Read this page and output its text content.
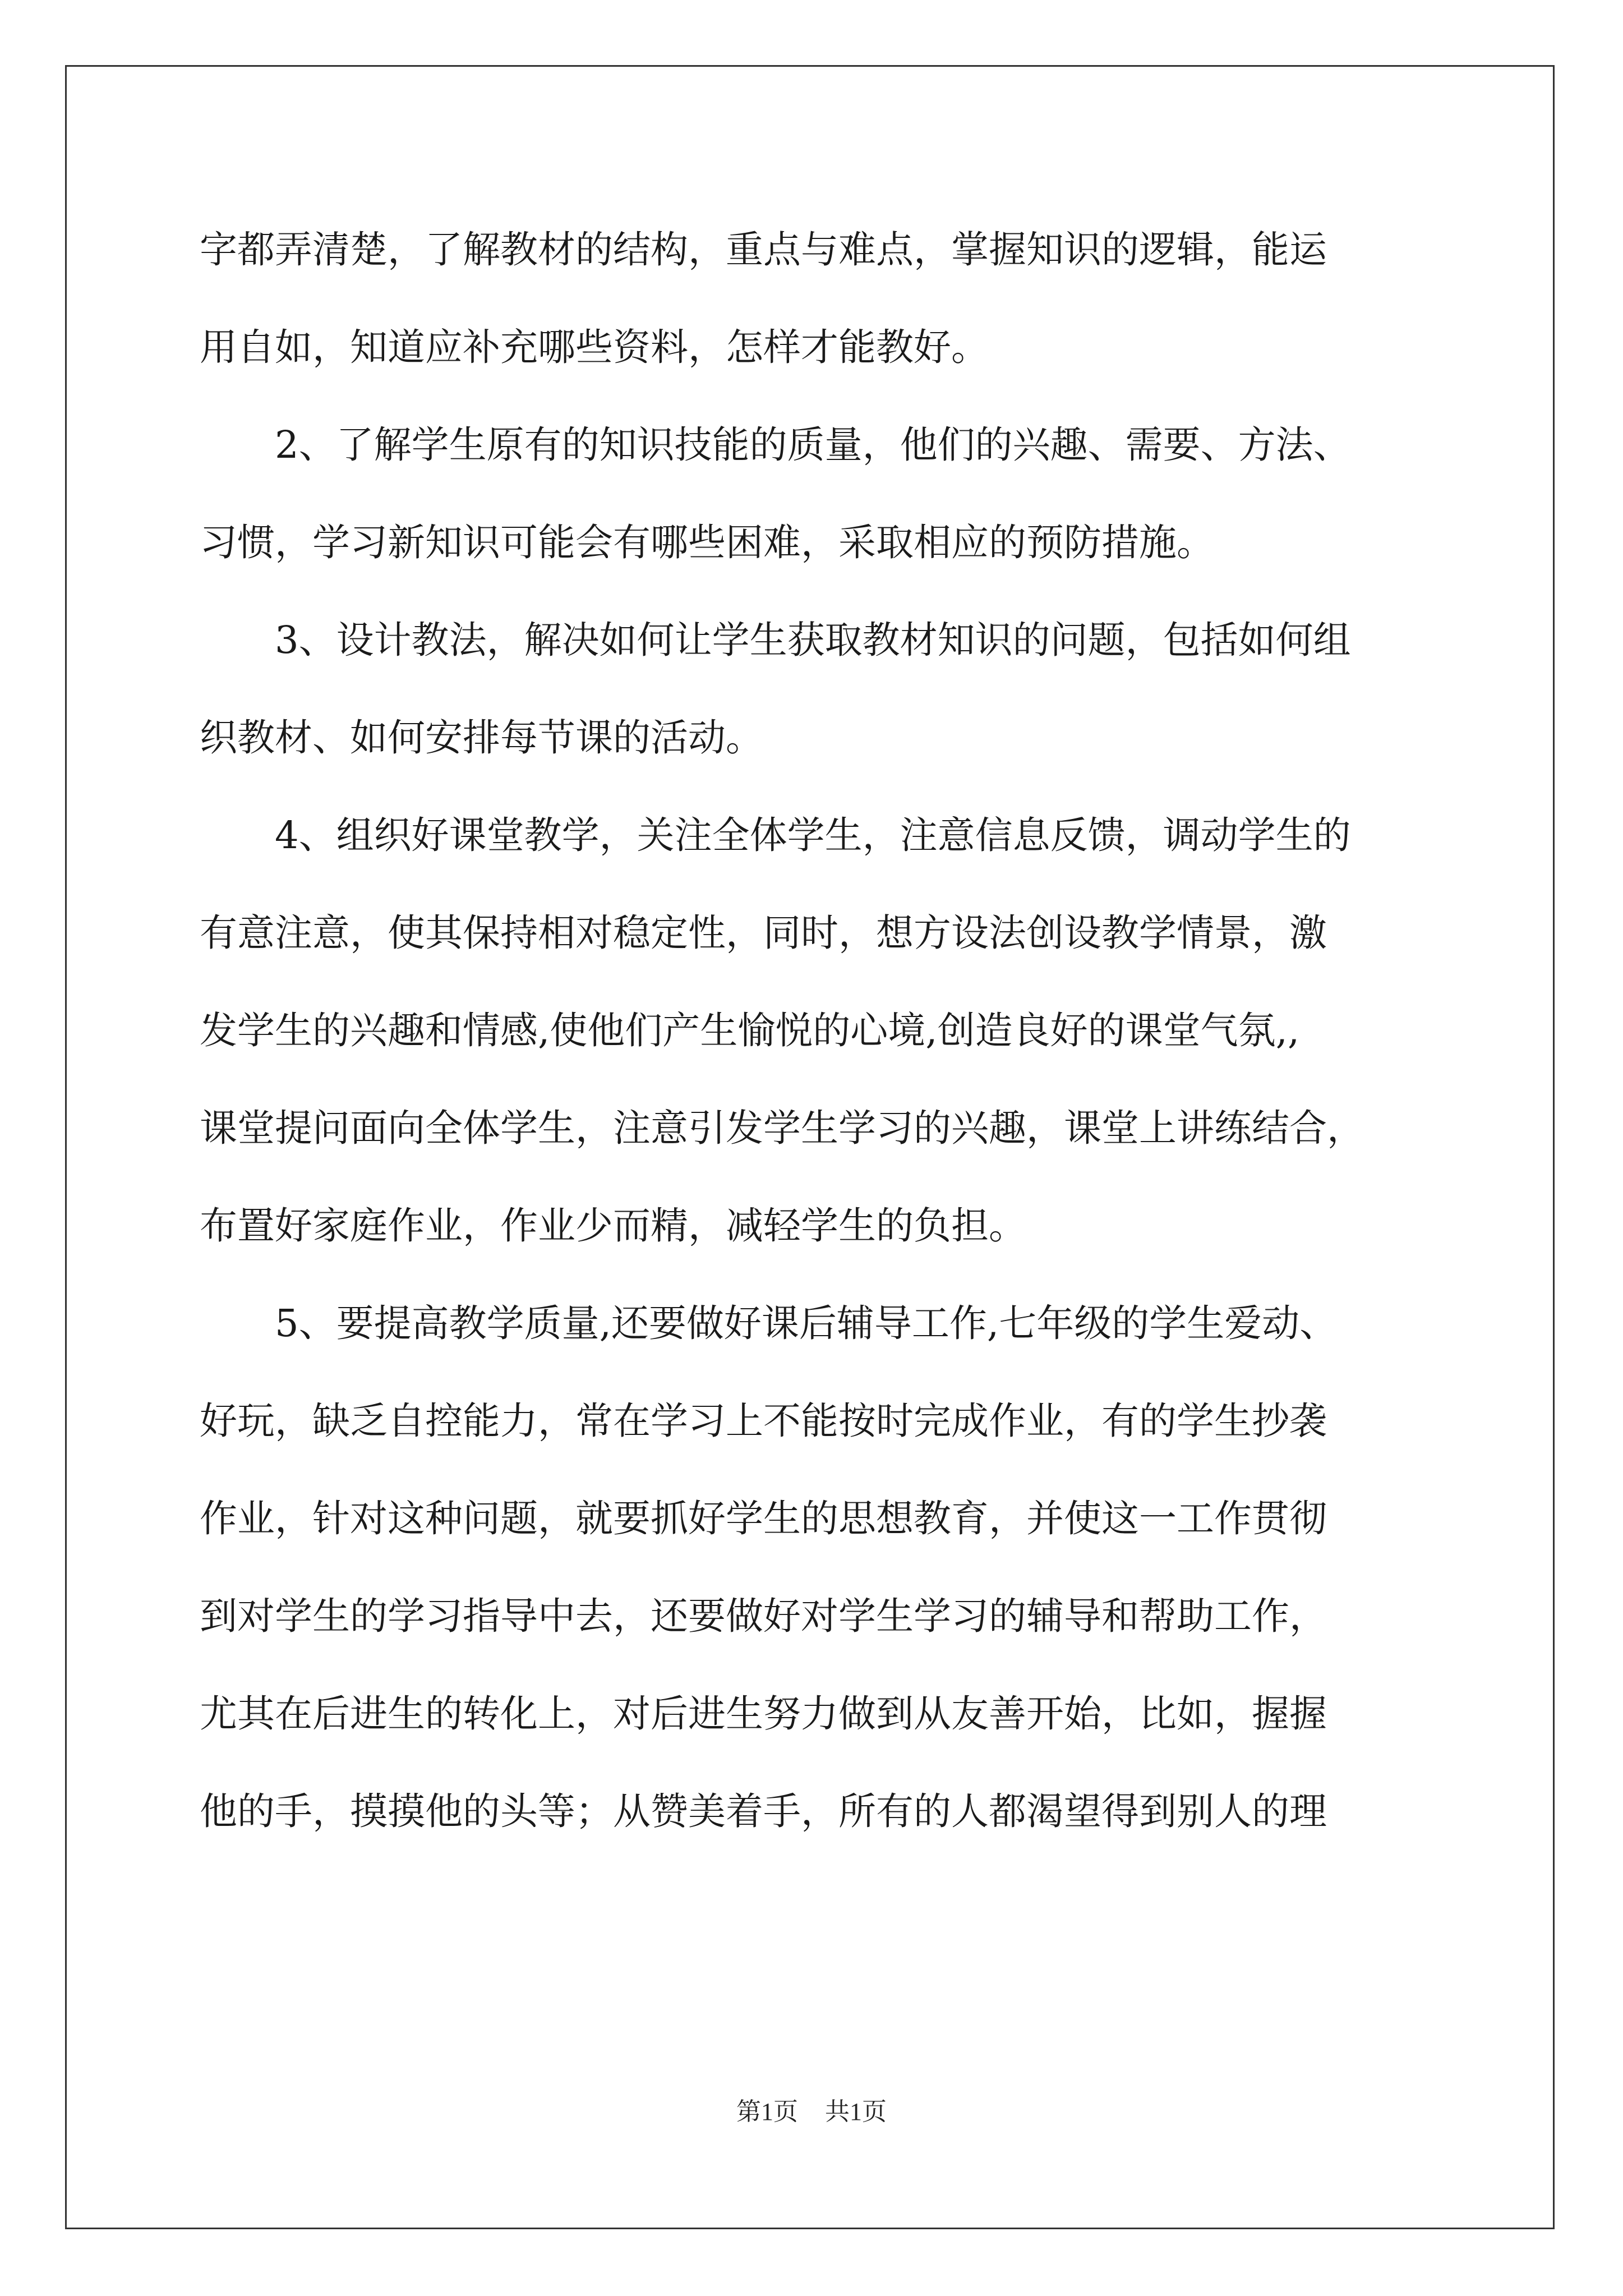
字都弄清楚，了解教材的结构，重点与难点，掌握知识的逻辑，能运
用自如，知道应补充哪些资料，怎样才能教好。
2、了解学生原有的知识技能的质量，他们的兴趣、需要、方法、
习惯，学习新知识可能会有哪些困难，采取相应的预防措施。
3、设计教法，解决如何让学生获取教材知识的问题，包括如何组
织教材、如何安排每节课的活动。
4、组织好课堂教学，关注全体学生，注意信息反馈，调动学生的
有意注意，使其保持相对稳定性，同时，想方设法创设教学情景，激
发学生的兴趣和情感,使他们产生愉悦的心境,创造良好的课堂气氛,,
课堂提问面向全体学生，注意引发学生学习的兴趣，课堂上讲练结合，
布置好家庭作业，作业少而精，减轻学生的负担。
5、要提高教学质量,还要做好课后辅导工作,七年级的学生爱动、
好玩，缺乏自控能力，常在学习上不能按时完成作业，有的学生抄袭
作业，针对这种问题，就要抓好学生的思想教育，并使这一工作贯彻
到对学生的学习指导中去，还要做好对学生学习的辅导和帮助工作，
尤其在后进生的转化上，对后进生努力做到从友善开始，比如，握握
他的手，摸摸他的头等；从赞美着手，所有的人都渴望得到别人的理
第1页 共1页
